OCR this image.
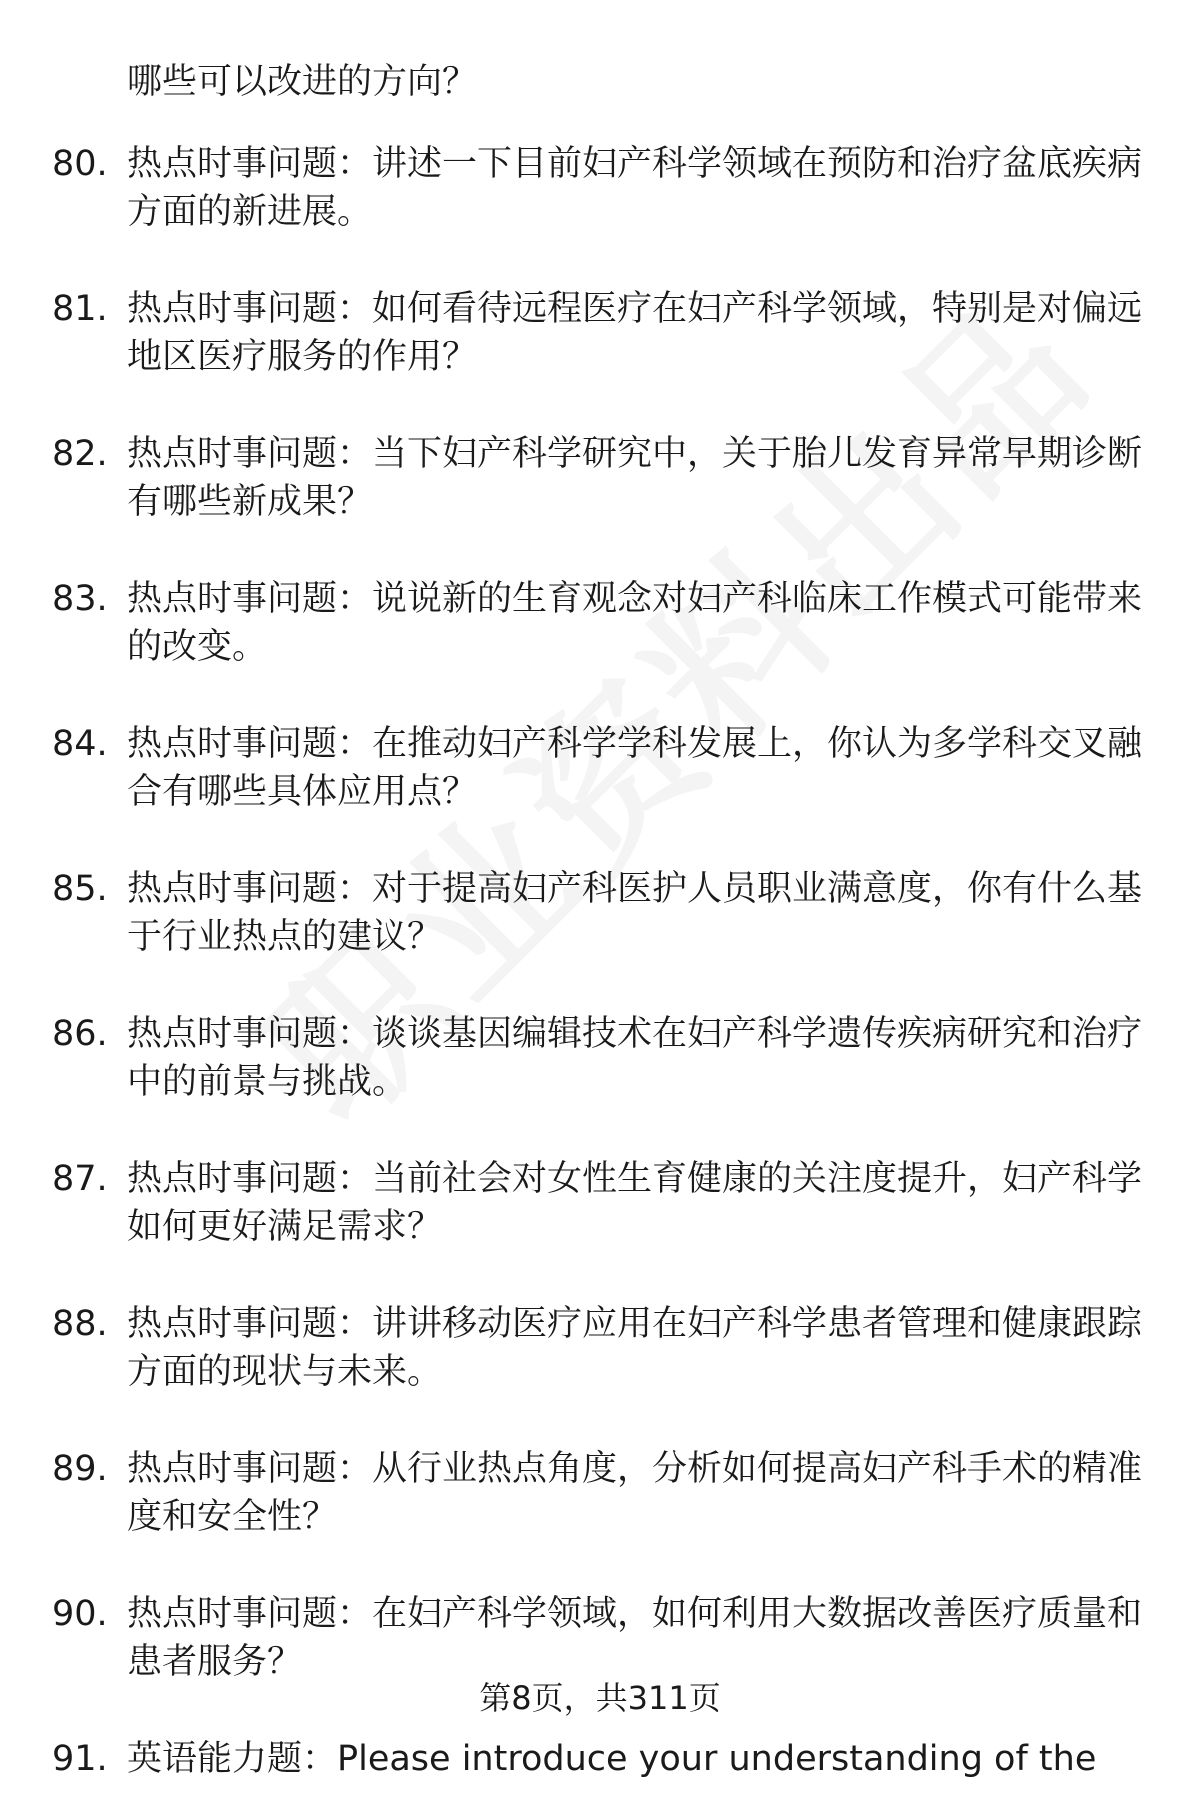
哪些可以改进的方向？
80. 热点时事问题：讲述一下目前妇产科学领域在预防和治疗盆底疾病方面的新进展。
81. 热点时事问题：如何看待远程医疗在妇产科学领域，特别是对偏远地区医疗服务的作用？
82. 热点时事问题：当下妇产科学研究中，关于胎儿发育异常早期诊断有哪些新成果？
83. 热点时事问题：说说新的生育观念对妇产科临床工作模式可能带来的改变。
84. 热点时事问题：在推动妇产科学学科发展上，你认为多学科交叉融合有哪些具体应用点？
85. 热点时事问题：对于提高妇产科医护人员职业满意度，你有什么基于行业热点的建议？
86. 热点时事问题：谈谈基因编辑技术在妇产科学遗传疾病研究和治疗中的前景与挑战。
87. 热点时事问题：当前社会对女性生育健康的关注度提升，妇产科学如何更好满足需求？
88. 热点时事问题：讲讲移动医疗应用在妇产科学患者管理和健康跟踪方面的现状与未来。
89. 热点时事问题：从行业热点角度，分析如何提高妇产科手术的精准度和安全性？
90. 热点时事问题：在妇产科学领域，如何利用大数据改善医疗质量和患者服务？
91. 英语能力题：Please introduce your understanding of the
第8页，共311页
